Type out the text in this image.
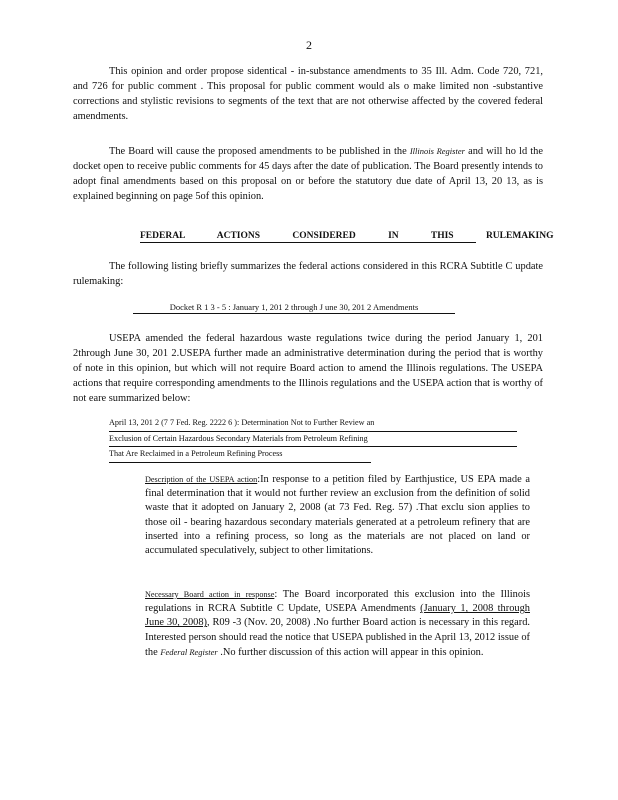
2

This opinion and order propose sidentical - in-substance amendments to 35 Ill. Adm. Code 720, 721, and 726 for public comment . This proposal for public comment would als o make limited non -substantive corrections and stylistic revisions to segments of the text that are not otherwise affected by the covered federal amendments.

The Board will cause the proposed amendments to be published in the Illinois Register and will ho ld the docket open to receive public comments for 45 days after the date of publication. The Board presently intends to adopt final amendments based on this proposal on or before the statutory due date of April 13, 20 13, as is explained beginning on page 5of this opinion.

FEDERAL ACTIONS CONSIDERED IN THIS RULEMAKING

The following listing briefly summarizes the federal actions considered in this RCRA Subtitle C update rulemaking:

Docket R 1 3 - 5 : January 1, 201 2 through J une 30, 201 2 Amendments

USEPA amended the federal hazardous waste regulations twice during the period January 1, 201 2through June 30, 201 2.USEPA further made an administrative determination during the period that is worthy of note in this opinion, but which will not require Board action to amend the Illinois regulations. The USEPA actions that require corresponding amendments to the Illinois regulations and the USEPA action that is worthy of not eare summarized below:

April 13, 201 2 (7 7 Fed. Reg. 2222 6 ): Determination Not to Further Review an
Exclusion of Certain Hazardous Secondary Materials from Petroleum Refining
That Are Reclaimed in a Petroleum Refining Process

Description of the USEPA action:In response to a petition filed by Earthjustice, US EPA made a final determination that it would not further review an exclusion from the definition of solid waste that it adopted on January 2, 2008 (at 73 Fed. Reg. 57) .That exclu sion applies to those oil - bearing hazardous secondary materials generated at a petroleum refinery that are inserted into a refining process, so long as the materials are not placed on land or accumulated speculatively, subject to other limitations.

Necessary Board action in response: The Board incorporated this exclusion into the Illinois regulations in RCRA Subtitle C Update, USEPA Amendments (January 1, 2008 through June 30, 2008), R09 -3 (Nov. 20, 2008) .No further Board action is necessary in this regard. Interested person should read the notice that USEPA published in the April 13, 2012 issue of the Federal Register .No further discussion of this action will appear in this opinion.
